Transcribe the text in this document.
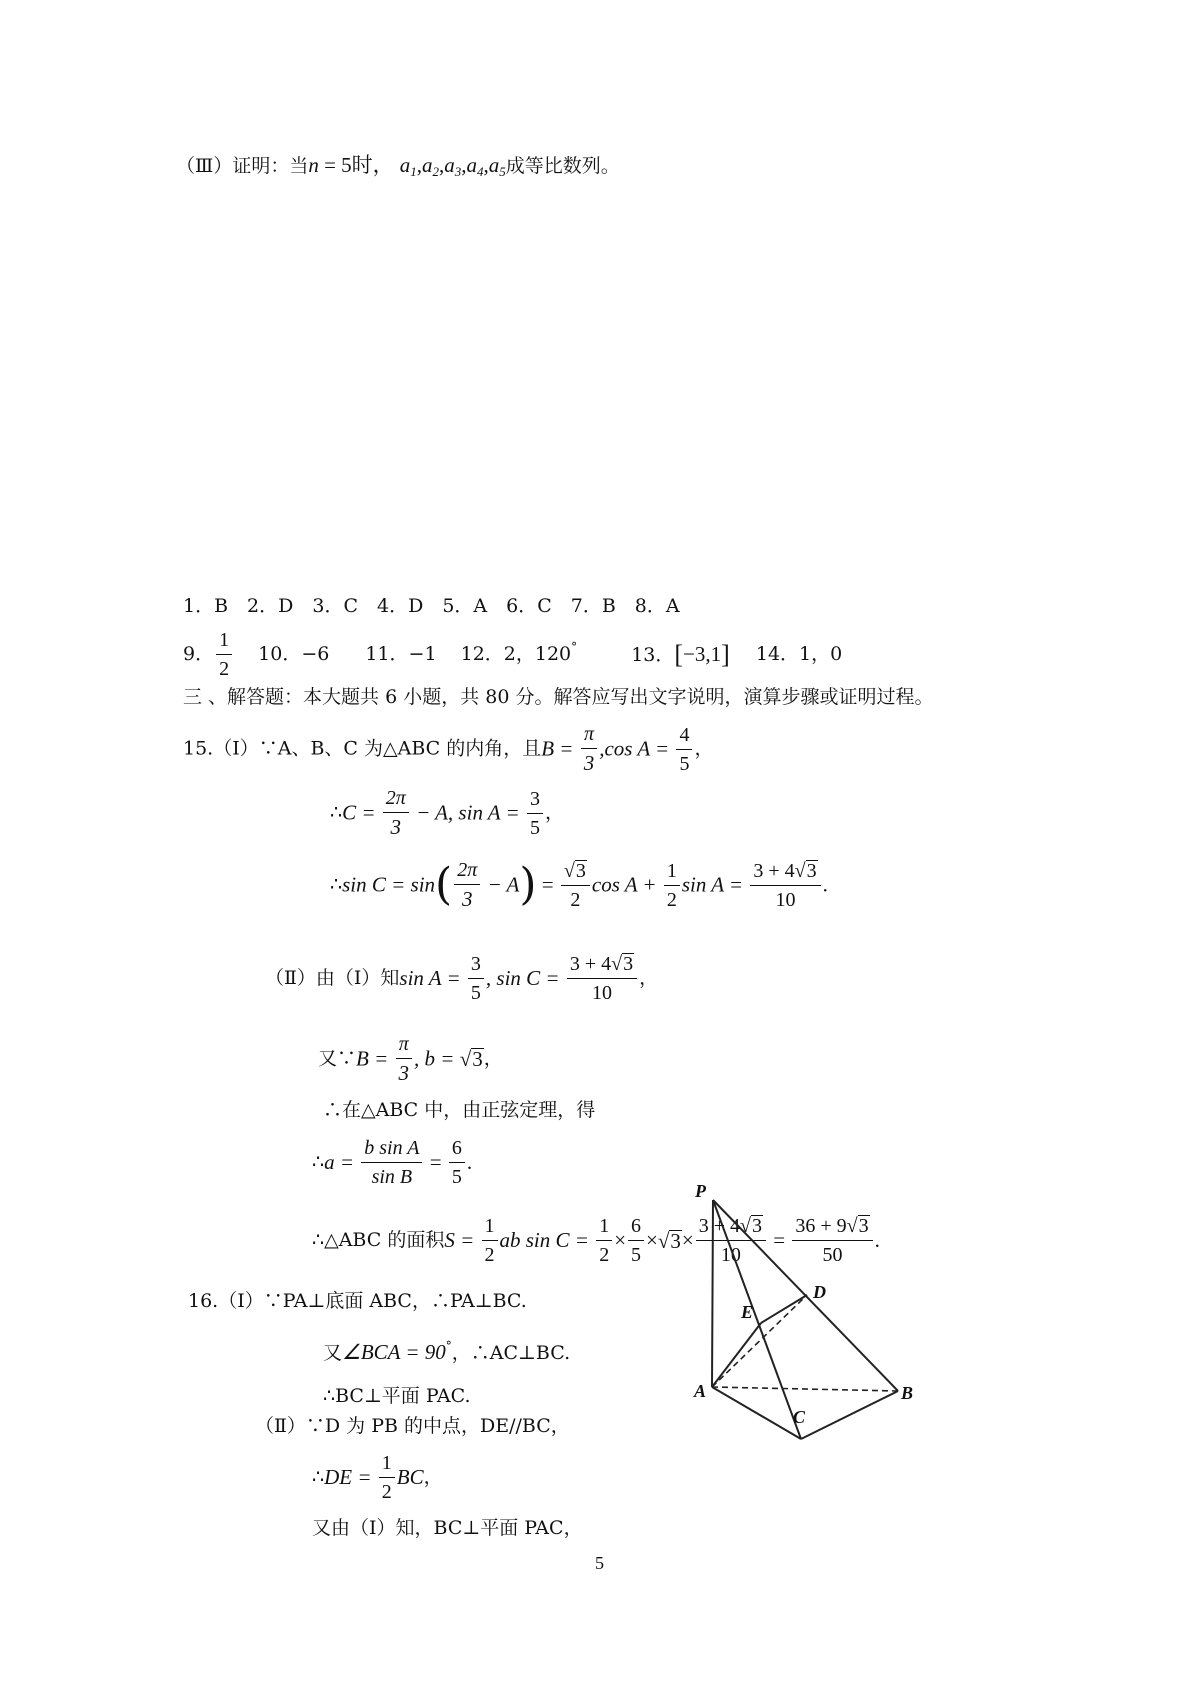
（Ⅲ）证明：当n = 5时， $a_1,a_2,a_3,a_4,a_5$成等比数列。
1．B　2．D　3．C　4．D　5．A　6．C　7．B　8．A
9． $\frac{1}{2} 10$．−6 11．−1 12．2，120°	13．[−3,1] 14．1，0
三 、解答题：本大题共 6 小题，共 80 分。解答应写出文字说明，演算步骤或证明过程。
15.（Ⅰ）∵A、B、C 为△ABC 的内角，且$B = \frac{\pi}{3} ,\cos$ $A = \frac{4}{5}$ ，
∴C = $\frac{2\pi}{3} - A$, $\sin A = \frac{3}{5}$ ，
∴sin $C = \sin( \frac{2\pi}{3} - A) = \frac{√3}{2}$ $\cos A + \frac{1}{2}$ $\sin A = \frac{3 + 4√3}{10}$ .
（Ⅱ）由（Ⅰ）知$\sin A = \frac{3}{5}$ , $\sin C = \frac{3 + 4√3}{10}$ ，
又∵B = $\frac{\pi}{3}$ , b = √3，
∴在△ABC 中，由正弦定理，得
∴a = $\frac{\text{b sin A}}{\text{sin B}} = \frac{6}{5}$ .
∴△ABC 的面积$S = \frac{1}{2}$ ab $\sin C = \frac{1}{2} \times \frac{6}{5} \times√3\times \frac{3 + 4√3}{10} = \frac{36 + 9√3}{50}$ .
16.（Ⅰ）∵PA⊥底面 ABC，∴PA⊥BC.
又∠BCA = 90°，∴AC⊥BC.
∴BC⊥平面 PAC.
（Ⅱ）∵D 为 PB 的中点，DE//BC，
∴DE = $\frac{1}{2}$ BC，
又由（Ⅰ）知，BC⊥平面 PAC，
P
D
E
A	B
C
5
